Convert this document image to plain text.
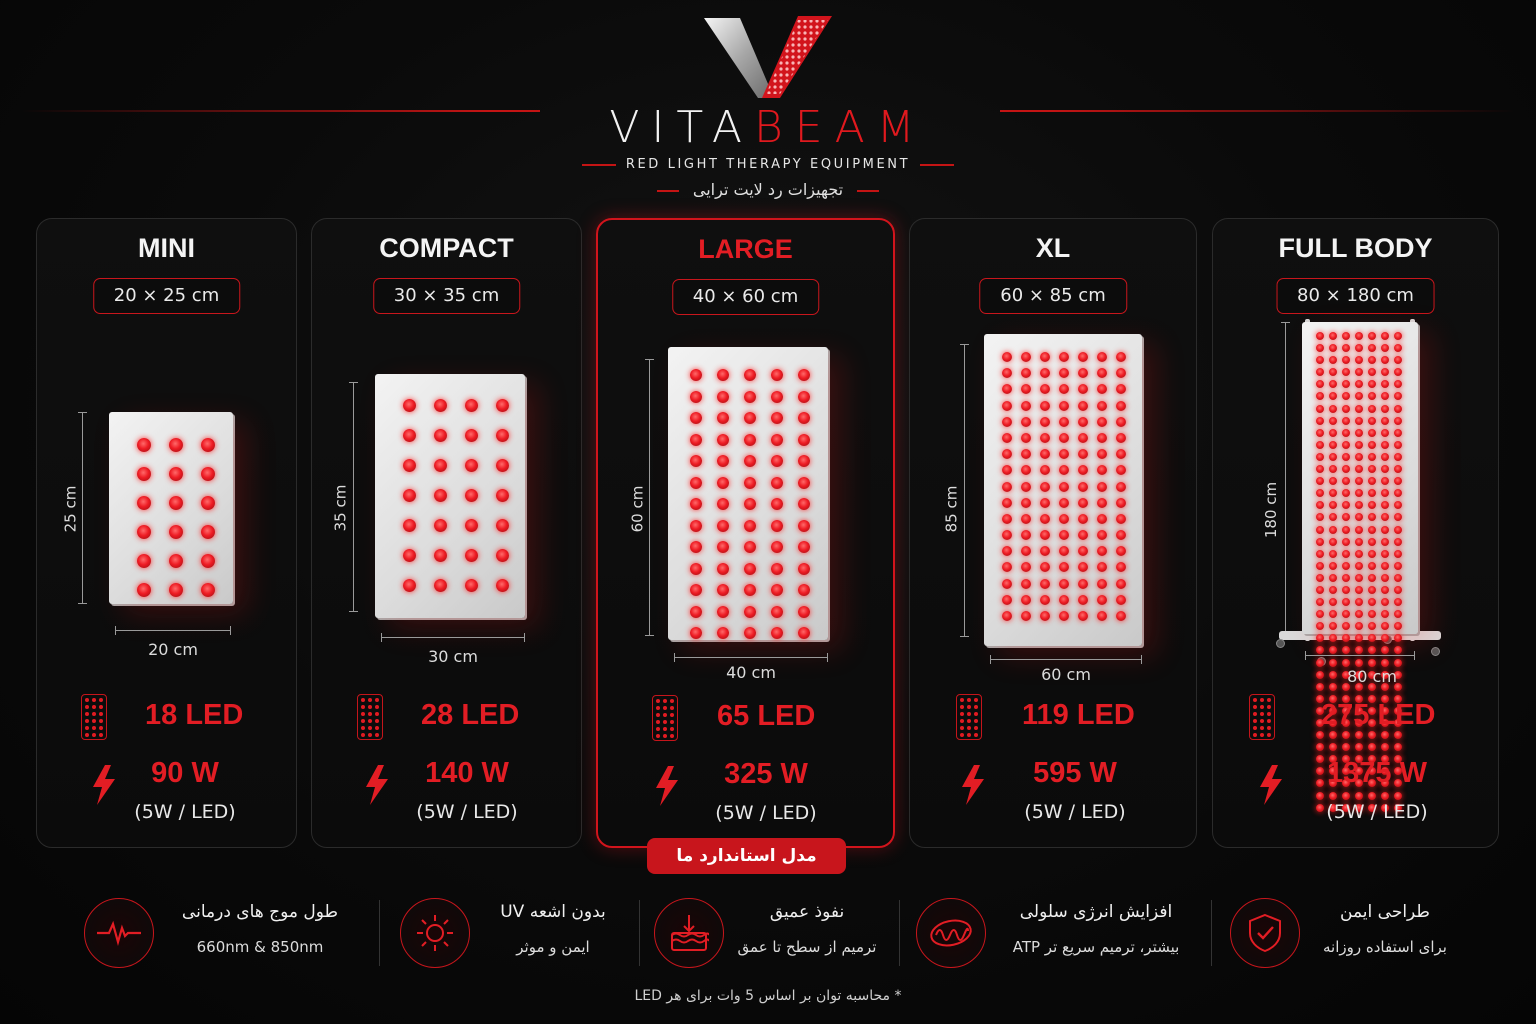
VITABEAM
RED LIGHT THERAPY EQUIPMENT
تجهیزات رد لایت ترایی
MINI
20 × 25 cm
25 cm
20 cm
18 LED
90 W
(5W / LED)
COMPACT
30 × 35 cm
35 cm
30 cm
28 LED
140 W
(5W / LED)
LARGE
40 × 60 cm
60 cm
40 cm
65 LED
325 W
(5W / LED)
مدل استاندارد ما
XL
60 × 85 cm
85 cm
60 cm
119 LED
595 W
(5W / LED)
FULL BODY
80 × 180 cm
180 cm
80 cm
275 LED
1375 W
(5W / LED)
طول موج های درمانی
660nm & 850nm
بدون اشعه UV
ایمن و موثر
نفوذ عمیق
ترمیم از سطح تا عمق
افزایش انرژی سلولی
ATP بیشتر، ترمیم سریع تر
طراحی ایمن
برای استفاده روزانه
* محاسبه توان بر اساس 5 وات برای هر LED
